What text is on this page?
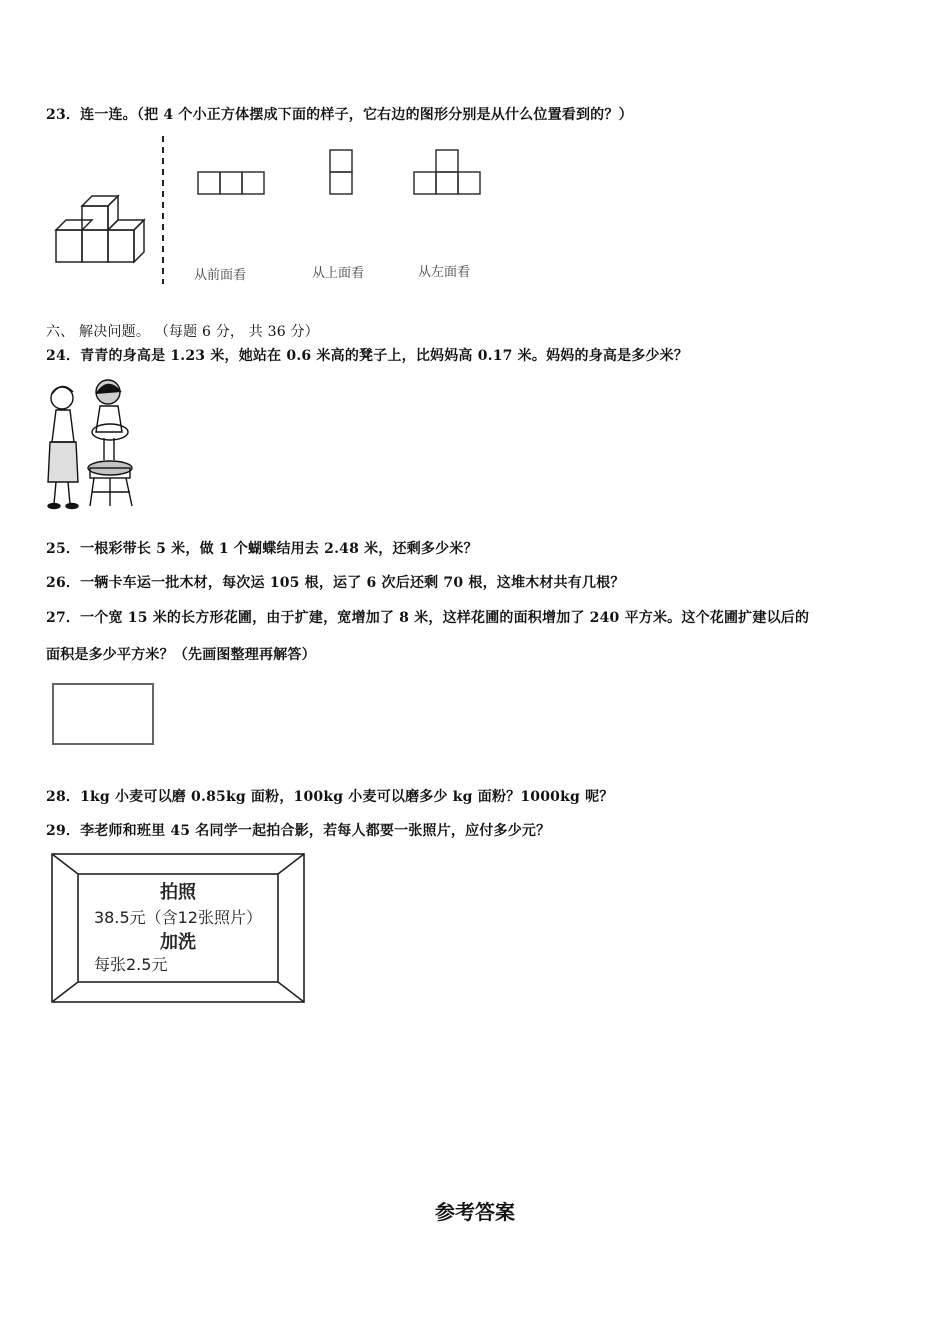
23．连一连。（把 4 个小正方体摆成下面的样子，它右边的图形分别是从什么位置看到的？）
从前面看	从上面看	从左面看
六、 解决问题。 （每题 6 分， 共 36 分）
24．青青的身高是 1.23 米，她站在 0.6 米高的凳子上，比妈妈高 0.17 米。妈妈的身高是多少米？
25．一根彩带长 5 米，做 1 个蝴蝶结用去 2.48 米，还剩多少米？
26．一辆卡车运一批木材，每次运 105 根，运了 6 次后还剩 70 根，这堆木材共有几根？
27．一个宽 15 米的长方形花圃，由于扩建，宽增加了 8 米，这样花圃的面积增加了 240 平方米。这个花圃扩建以后的
面积是多少平方米？（先画图整理再解答）
28．1kg 小麦可以磨 0.85kg 面粉，100kg 小麦可以磨多少 kg 面粉？1000kg 呢？
29．李老师和班里 45 名同学一起拍合影，若每人都要一张照片，应付多少元？
拍照
38.5元（含12张照片）
加洗
每张2.5元
参考答案
